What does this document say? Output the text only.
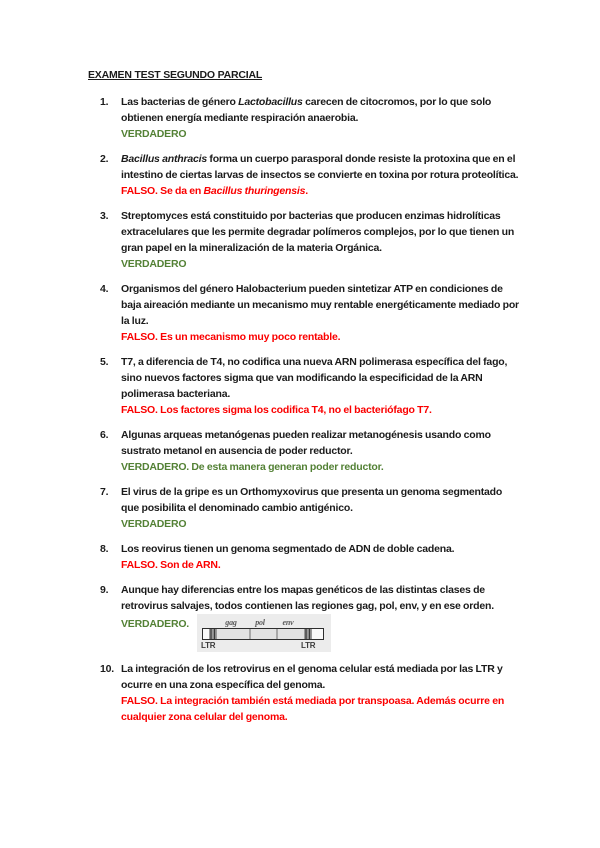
EXAMEN TEST SEGUNDO PARCIAL
1.	Las bacterias de género Lactobacillus carecen de citocromos, por lo que solo obtienen energía mediante respiración anaerobia.
VERDADERO
2.	Bacillus anthracis forma un cuerpo parasporal donde resiste la protoxina que en el intestino de ciertas larvas de insectos se convierte en toxina por rotura proteolítica.
FALSO. Se da en Bacillus thuringensis.
3.	Streptomyces está constituido por bacterias que producen enzimas hidrolíticas extracelulares que les permite degradar polímeros complejos, por lo que tienen un gran papel en la mineralización de la materia Orgánica.
VERDADERO
4.	Organismos del género Halobacterium pueden sintetizar ATP en condiciones de baja aireación mediante un mecanismo muy rentable energéticamente mediado por la luz.
FALSO. Es un mecanismo muy poco rentable.
5.	T7, a diferencia de T4, no codifica una nueva ARN polimerasa específica del fago, sino nuevos factores sigma que van modificando la especificidad de la ARN polimerasa bacteriana.
FALSO. Los factores sigma los codifica T4, no el bacteriófago T7.
6.	Algunas arqueas metanógenas pueden realizar metanogénesis usando como sustrato metanol en ausencia de poder reductor.
VERDADERO. De esta manera generan poder reductor.
7.	El virus de la gripe es un Orthomyxovirus que presenta un genoma segmentado que posibilita el denominado cambio antigénico.
VERDADERO
8.	Los reovirus tienen un genoma segmentado de ADN de doble cadena.
FALSO. Son de ARN.
9.	Aunque hay diferencias entre los mapas genéticos de las distintas clases de retrovirus salvajes, todos contienen las regiones gag, pol, env, y en ese orden.
VERDADERO.	gag pol env
LTR	LTR
10. La integración de los retrovirus en el genoma celular está mediada por las LTR y ocurre en una zona específica del genoma.
FALSO. La integración también está mediada por transpoasa. Además ocurre en cualquier zona celular del genoma.
